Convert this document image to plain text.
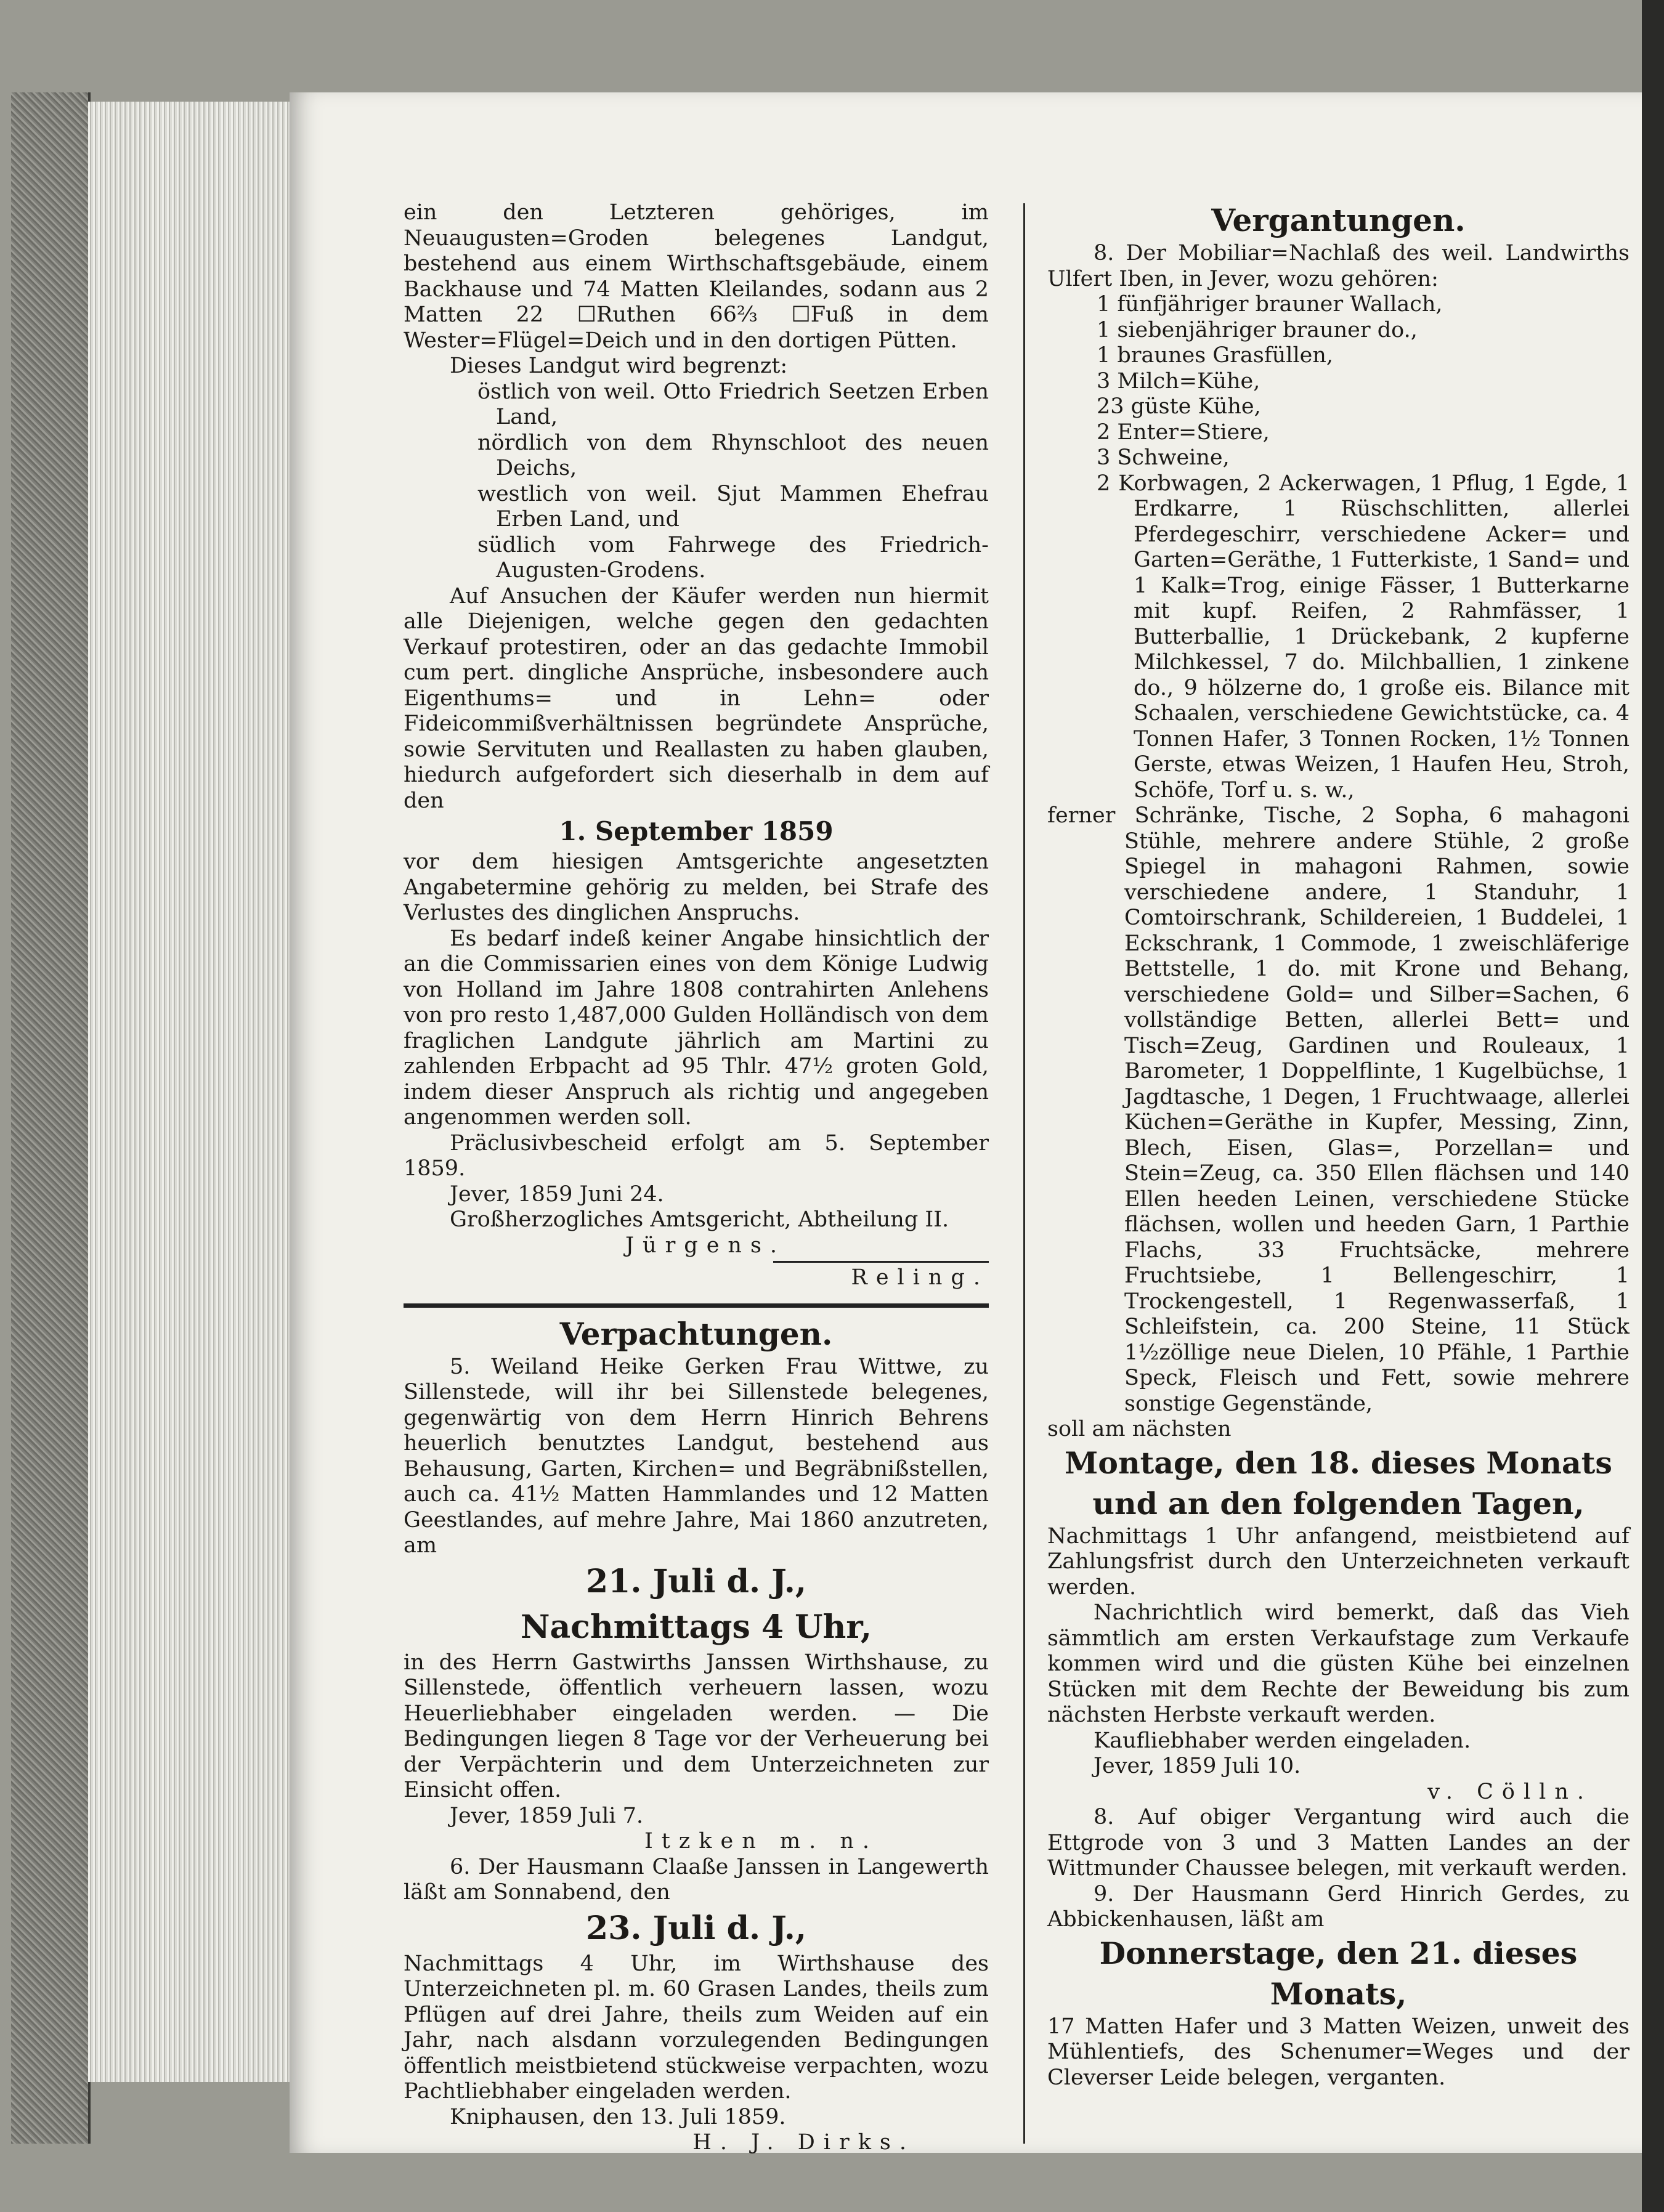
ein den Letzteren gehöriges, im Neuaugusten=Groden belegenes Landgut, bestehend aus einem Wirthschaftsgebäude, einem Backhause und 74 Matten Kleilandes, sodann aus 2 Matten 22 ☐Ruthen 66⅔ ☐Fuß in dem Wester=Flügel=Deich und in den dortigen Pütten.

Dieses Landgut wird begrenzt:

östlich von weil. Otto Friedrich Seetzen Erben Land,

nördlich von dem Rhynschloot des neuen Deichs,

westlich von weil. Sjut Mammen Ehefrau Erben Land, und

südlich vom Fahrwege des Friedrich-Augusten-Grodens.

Auf Ansuchen der Käufer werden nun hiermit alle Diejenigen, welche gegen den gedachten Verkauf protestiren, oder an das gedachte Immobil cum pert. dingliche Ansprüche, insbesondere auch Eigenthums= und in Lehn= oder Fideicommißverhältnissen begründete Ansprüche, sowie Servituten und Reallasten zu haben glauben, hiedurch aufgefordert sich dieserhalb in dem auf den

1. September 1859

vor dem hiesigen Amtsgerichte angesetzten Angabetermine gehörig zu melden, bei Strafe des Verlustes des dinglichen Anspruchs.

Es bedarf indeß keiner Angabe hinsichtlich der an die Commissarien eines von dem Könige Ludwig von Holland im Jahre 1808 contrahirten Anlehens von pro resto 1,487,000 Gulden Holländisch von dem fraglichen Landgute jährlich am Martini zu zahlenden Erbpacht ad 95 Thlr. 47½ groten Gold, indem dieser Anspruch als richtig und angegeben angenommen werden soll.

Präclusivbescheid erfolgt am 5. September 1859.

Jever, 1859 Juni 24.

Großherzogliches Amtsgericht, Abtheilung II.

Jürgens.

Reling.

Verpachtungen.

5. Weiland Heike Gerken Frau Wittwe, zu Sillenstede, will ihr bei Sillenstede belegenes, gegenwärtig von dem Herrn Hinrich Behrens heuerlich benutztes Landgut, bestehend aus Behausung, Garten, Kirchen= und Begräbnißstellen, auch ca. 41½ Matten Hammlandes und 12 Matten Geestlandes, auf mehre Jahre, Mai 1860 anzutreten, am

21. Juli d. J.,

Nachmittags 4 Uhr,

in des Herrn Gastwirths Janssen Wirthshause, zu Sillenstede, öffentlich verheuern lassen, wozu Heuerliebhaber eingeladen werden. — Die Bedingungen liegen 8 Tage vor der Verheuerung bei der Verpächterin und dem Unterzeichneten zur Einsicht offen.

Jever, 1859 Juli 7.

Itzken m. n.

6. Der Hausmann Claaße Janssen in Langewerth läßt am Sonnabend, den

23. Juli d. J.,

Nachmittags 4 Uhr, im Wirthshause des Unterzeichneten pl. m. 60 Grasen Landes, theils zum Pflügen auf drei Jahre, theils zum Weiden auf ein Jahr, nach alsdann vorzulegenden Bedingungen öffentlich meistbietend stückweise verpachten, wozu Pachtliebhaber eingeladen werden.

Kniphausen, den 13. Juli 1859.

H. J. Dirks.

Vergantungen.

8. Der Mobiliar=Nachlaß des weil. Landwirths Ulfert Iben, in Jever, wozu gehören:

1 fünfjähriger brauner Wallach,

1 siebenjähriger brauner do.,

1 braunes Grasfüllen,

3 Milch=Kühe,

23 güste Kühe,

2 Enter=Stiere,

3 Schweine,

2 Korbwagen, 2 Ackerwagen, 1 Pflug, 1 Egde, 1 Erdkarre, 1 Rüschschlitten, allerlei Pferdegeschirr, verschiedene Acker= und Garten=Geräthe, 1 Futterkiste, 1 Sand= und 1 Kalk=Trog, einige Fässer, 1 Butterkarne mit kupf. Reifen, 2 Rahmfässer, 1 Butterballie, 1 Drückebank, 2 kupferne Milchkessel, 7 do. Milchballien, 1 zinkene do., 9 hölzerne do, 1 große eis. Bilance mit Schaalen, verschiedene Gewichtstücke, ca. 4 Tonnen Hafer, 3 Tonnen Rocken, 1½ Tonnen Gerste, etwas Weizen, 1 Haufen Heu, Stroh, Schöfe, Torf u. s. w.,

ferner Schränke, Tische, 2 Sopha, 6 mahagoni Stühle, mehrere andere Stühle, 2 große Spiegel in mahagoni Rahmen, sowie verschiedene andere, 1 Standuhr, 1 Comtoirschrank, Schildereien, 1 Buddelei, 1 Eckschrank, 1 Commode, 1 zweischläferige Bettstelle, 1 do. mit Krone und Behang, verschiedene Gold= und Silber=Sachen, 6 vollständige Betten, allerlei Bett= und Tisch=Zeug, Gardinen und Rouleaux, 1 Barometer, 1 Doppelflinte, 1 Kugelbüchse, 1 Jagdtasche, 1 Degen, 1 Fruchtwaage, allerlei Küchen=Geräthe in Kupfer, Messing, Zinn, Blech, Eisen, Glas=, Porzellan= und Stein=Zeug, ca. 350 Ellen flächsen und 140 Ellen heeden Leinen, verschiedene Stücke flächsen, wollen und heeden Garn, 1 Parthie Flachs, 33 Fruchtsäcke, mehrere Fruchtsiebe, 1 Bellengeschirr, 1 Trockengestell, 1 Regenwasserfaß, 1 Schleifstein, ca. 200 Steine, 11 Stück 1½zöllige neue Dielen, 10 Pfähle, 1 Parthie Speck, Fleisch und Fett, sowie mehrere sonstige Gegenstände,

soll am nächsten

Montage, den 18. dieses Monats

und an den folgenden Tagen,

Nachmittags 1 Uhr anfangend, meistbietend auf Zahlungsfrist durch den Unterzeichneten verkauft werden.

Nachrichtlich wird bemerkt, daß das Vieh sämmtlich am ersten Verkaufstage zum Verkaufe kommen wird und die güsten Kühe bei einzelnen Stücken mit dem Rechte der Beweidung bis zum nächsten Herbste verkauft werden.

Kaufliebhaber werden eingeladen.

Jever, 1859 Juli 10.

v. Cölln.

8. Auf obiger Vergantung wird auch die Ettgrode von 3 und 3 Matten Landes an der Wittmunder Chaussee belegen, mit verkauft werden.

9. Der Hausmann Gerd Hinrich Gerdes, zu Abbickenhausen, läßt am

Donnerstage, den 21. dieses Monats,

17 Matten Hafer und 3 Matten Weizen, unweit des Mühlentiefs, des Schenumer=Weges und der Cleverser Leide belegen, verganten.
